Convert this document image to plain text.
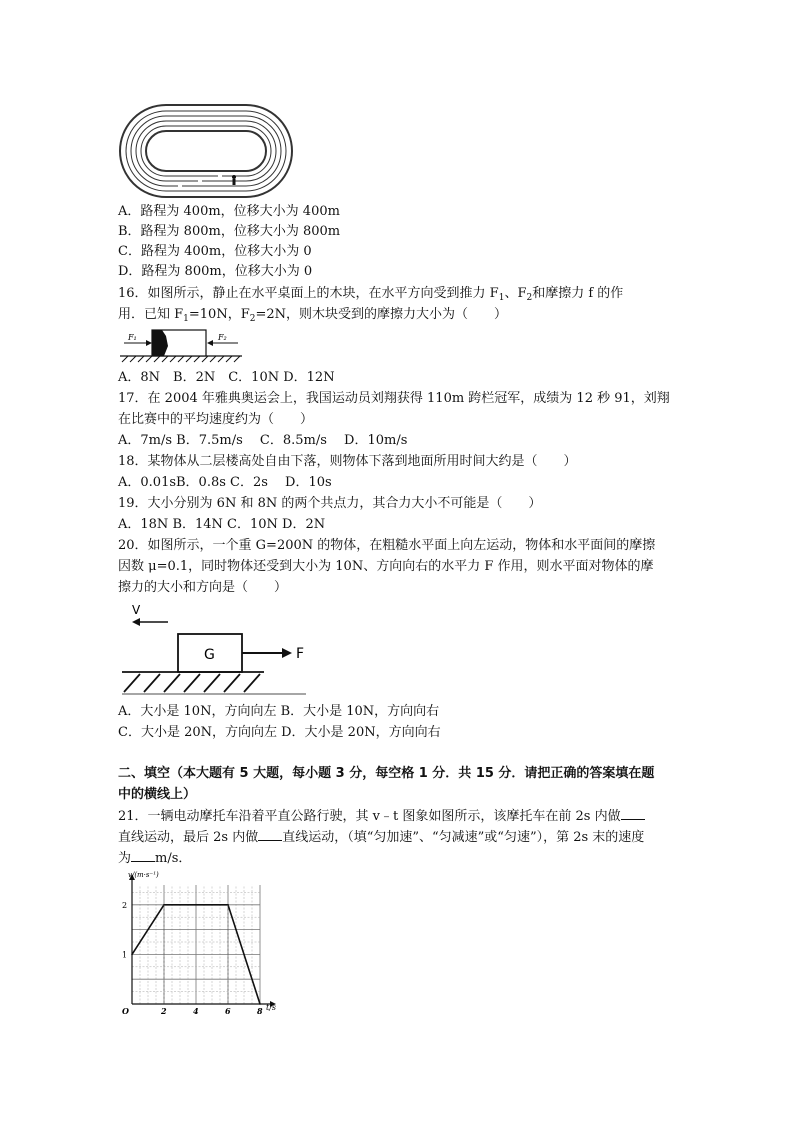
A．路程为 400m，位移大小为 400m
B．路程为 800m，位移大小为 800m
C．路程为 400m，位移大小为 0
D．路程为 800m，位移大小为 0
16．如图所示，静止在水平桌面上的木块，在水平方向受到推力 $F_1$、$F_2$和摩擦力 f 的作
用．已知 $F_1=10N$，$F_2=2N$，则木块受到的摩擦力大小为（　　）
F₁	F₂
A．8N　B．2N　C．10N D．12N
17．在 2004 年雅典奥运会上，我国运动员刘翔获得 110m 跨栏冠军，成绩为 12 秒 91，刘翔
在比赛中的平均速度约为（　　）
A．7m/s B．7.5m/s　 C．8.5m/s　 D．10m/s
18．某物体从二层楼高处自由下落，则物体下落到地面所用时间大约是（　　）
A．0.01sB．0.8s C．2s　 D．10s
19．大小分别为 6N 和 8N 的两个共点力，其合力大小不可能是（　　）
A．18N B．14N C．10N D．2N
20．如图所示，一个重 G=200N 的物体，在粗糙水平面上向左运动，物体和水平面间的摩擦
因数 μ=0.1，同时物体还受到大小为 10N、方向向右的水平力 F 作用，则水平面对物体的摩
擦力的大小和方向是（　　）
V
G	F
A．大小是 10N，方向向左 B．大小是 10N，方向向右
C．大小是 20N，方向向左 D．大小是 20N，方向向右
二、填空（本大题有 5 大题，每小题 3 分，每空格 1 分．共 15 分．请把正确的答案填在题
中的横线上）
21．一辆电动摩托车沿着平直公路行驶，其 v﹣t 图象如图所示，该摩托车在前 2s 内做
直线运动，最后 2s 内做 直线运动，（填“匀加速”、“匀减速”或“匀速”），第 2s 末的速度
为 m/s．
O	2	4	6	8
1
2
v/(m·s⁻¹)
t/s
